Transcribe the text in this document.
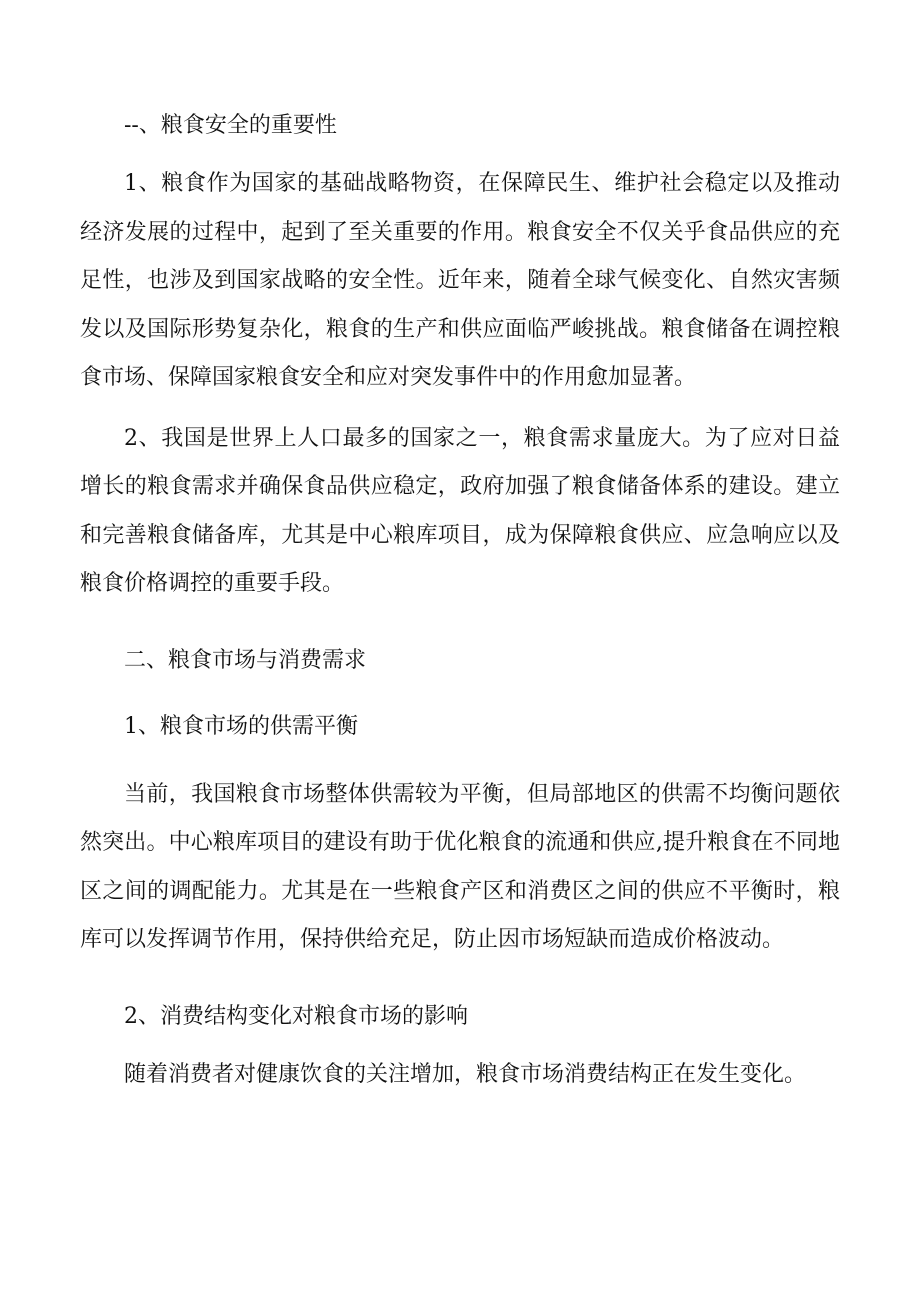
--、粮食安全的重要性

1、粮食作为国家的基础战略物资，在保障民生、维护社会稳定以及推动经济发展的过程中，起到了至关重要的作用。粮食安全不仅关乎食品供应的充足性，也涉及到国家战略的安全性。近年来，随着全球气候变化、自然灾害频发以及国际形势复杂化，粮食的生产和供应面临严峻挑战。粮食储备在调控粮食市场、保障国家粮食安全和应对突发事件中的作用愈加显著。

2、我国是世界上人口最多的国家之一，粮食需求量庞大。为了应对日益增长的粮食需求并确保食品供应稳定，政府加强了粮食储备体系的建设。建立和完善粮食储备库，尤其是中心粮库项目，成为保障粮食供应、应急响应以及粮食价格调控的重要手段。

二、粮食市场与消费需求

1、粮食市场的供需平衡

当前，我国粮食市场整体供需较为平衡，但局部地区的供需不均衡问题依然突出。中心粮库项目的建设有助于优化粮食的流通和供应,提升粮食在不同地区之间的调配能力。尤其是在一些粮食产区和消费区之间的供应不平衡时，粮库可以发挥调节作用，保持供给充足，防止因市场短缺而造成价格波动。

2、消费结构变化对粮食市场的影响

随着消费者对健康饮食的关注增加，粮食市场消费结构正在发生变化。
